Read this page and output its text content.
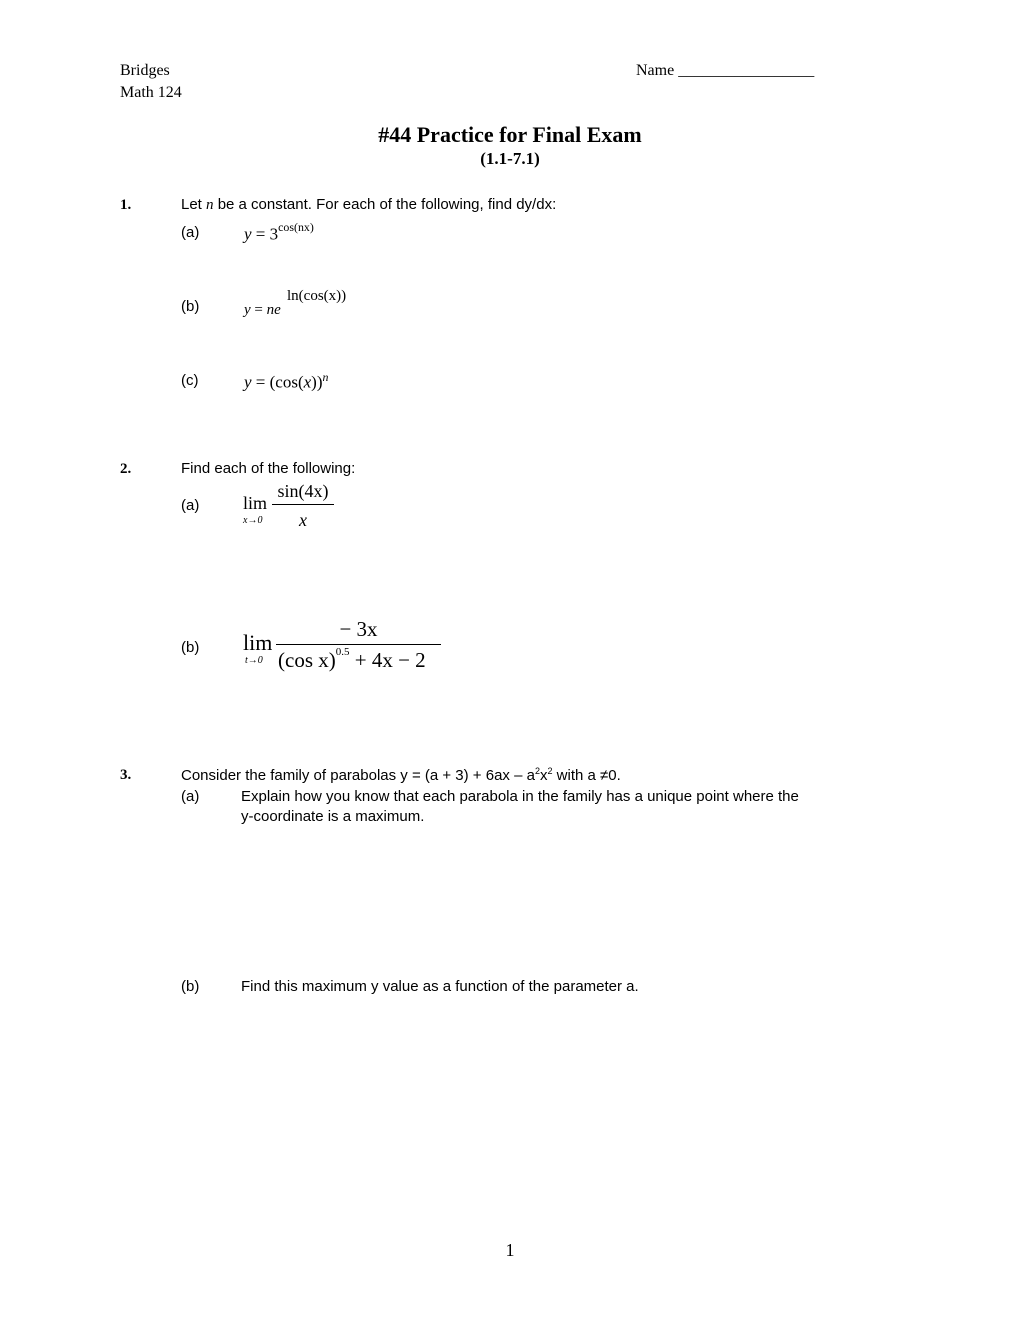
Bridges
Math 124
Name _________________
#44 Practice for Final Exam
(1.1-7.1)
1.	Let n be a constant. For each of the following, find dy/dx:
(a)	$y = 3^{cos(nx)}$
(b)	y = ne
ln(cos(x))
(c)	$y = (\cos(x))^n$
2.	Find each of the following:
(a) lim
x→0
sin(4x)
x
(b) lim
t→0
− 3x
(cos x)$^{0.5}$ + 4x − 2
3.	Consider the family of parabolas $y = (a + 3) + 6ax - a^2x^2$ with a ≠0.
(a)	Explain how you know that each parabola in the family has a unique point where the
y-coordinate is a maximum.
(b)	Find this maximum y value as a function of the parameter a.
1
